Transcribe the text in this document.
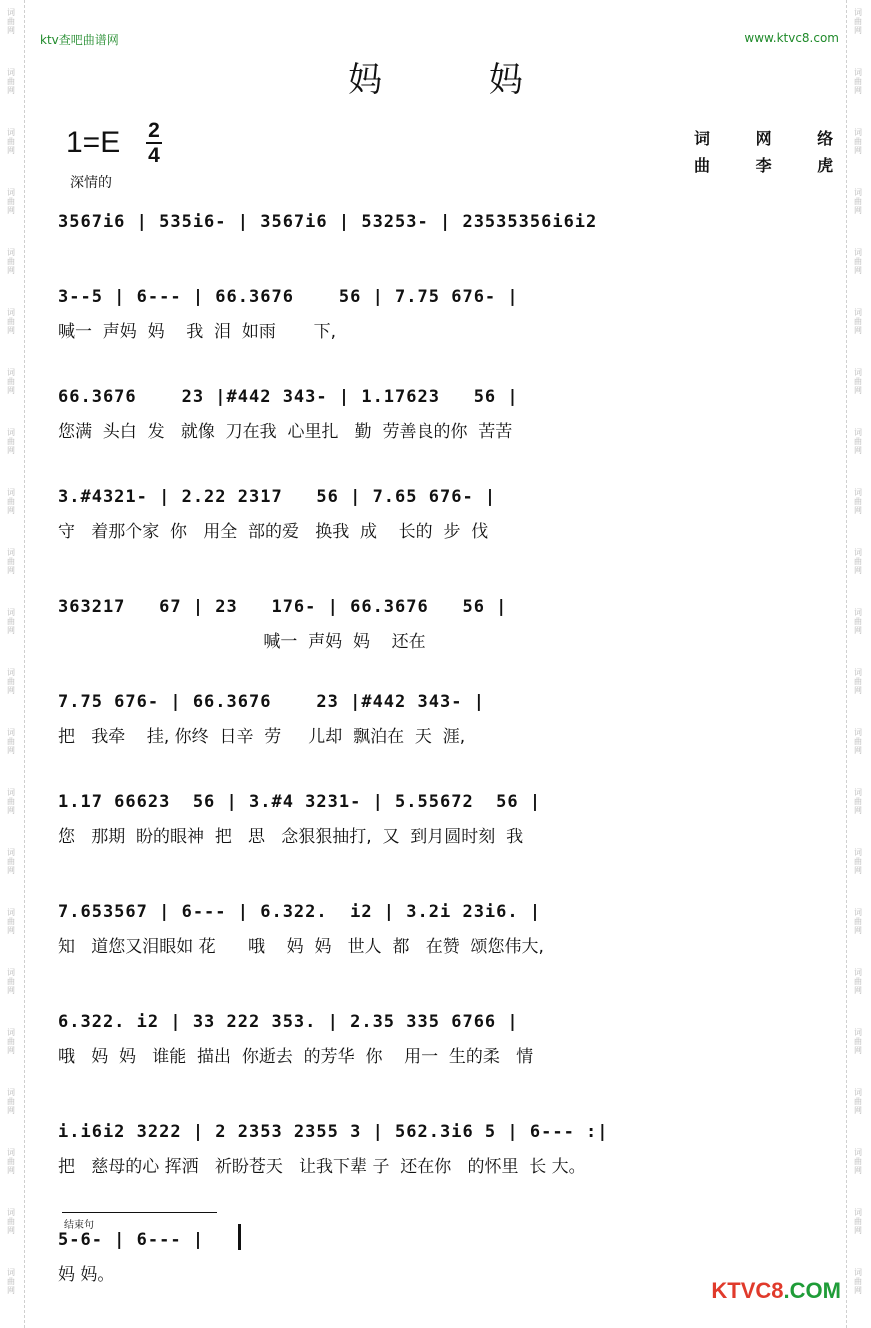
词曲网
词曲网
词曲网
词曲网
词曲网
词曲网
词曲网
词曲网
词曲网
词曲网
词曲网
词曲网
词曲网
词曲网
词曲网
词曲网
词曲网
词曲网
词曲网
词曲网
词曲网
词曲网
词曲网
词曲网
词曲网
词曲网
词曲网
词曲网
词曲网
词曲网
词曲网
词曲网
词曲网
词曲网
词曲网
词曲网
词曲网
词曲网
词曲网
词曲网
词曲网
词曲网
词曲网
词曲网
ktv查吧曲谱网	www.ktvc8.com
妈 妈
1=E 2
4
深情的
词 网 络
曲 李 虎
3567i6 | 535i6- | 3567i6 | 53253- | 23535356i6i2
3--5 | 6--- | 66.3676    56 | 7.75 676- |
喊一  声妈  妈    我  泪  如雨       下,
66.3676    23 |#442 343- | 1.17623   56 |
您满  头白  发   就像  刀在我  心里扎   勤  劳善良的你  苦苦
3.#4321- | 2.22 2317   56 | 7.65 676- |
守   着那个家  你   用全  部的爱   换我  成    长的  步  伐
363217   67 | 23   176- | 66.3676   56 |
喊一  声妈  妈    还在
7.75 676- | 66.3676    23 |#442 343- |
把   我牵    挂, 你终  日辛  劳     儿却  飘泊在  天  涯,
1.17 66623  56 | 3.#4 3231- | 5.55672  56 |
您   那期  盼的眼神  把   思   念狠狠抽打,  又  到月圆时刻  我
7.653567 | 6--- | 6.322.  i2 | 3.2i 23i6. |
知   道您又泪眼如 花      哦    妈  妈   世人  都   在赞  颂您伟大,
6.322. i2 | 33 222 353. | 2.35 335 6766 |
哦   妈  妈   谁能  描出  你逝去  的芳华  你    用一  生的柔   情
i.i6i2 3222 | 2 2353 2355 3 | 562.3i6 5 | 6--- :|
把   慈母的心 挥洒   祈盼苍天   让我下辈 子  还在你   的怀里  长 大。
结束句
5-6- | 6--- |
妈 妈。
KTVC8.COM
